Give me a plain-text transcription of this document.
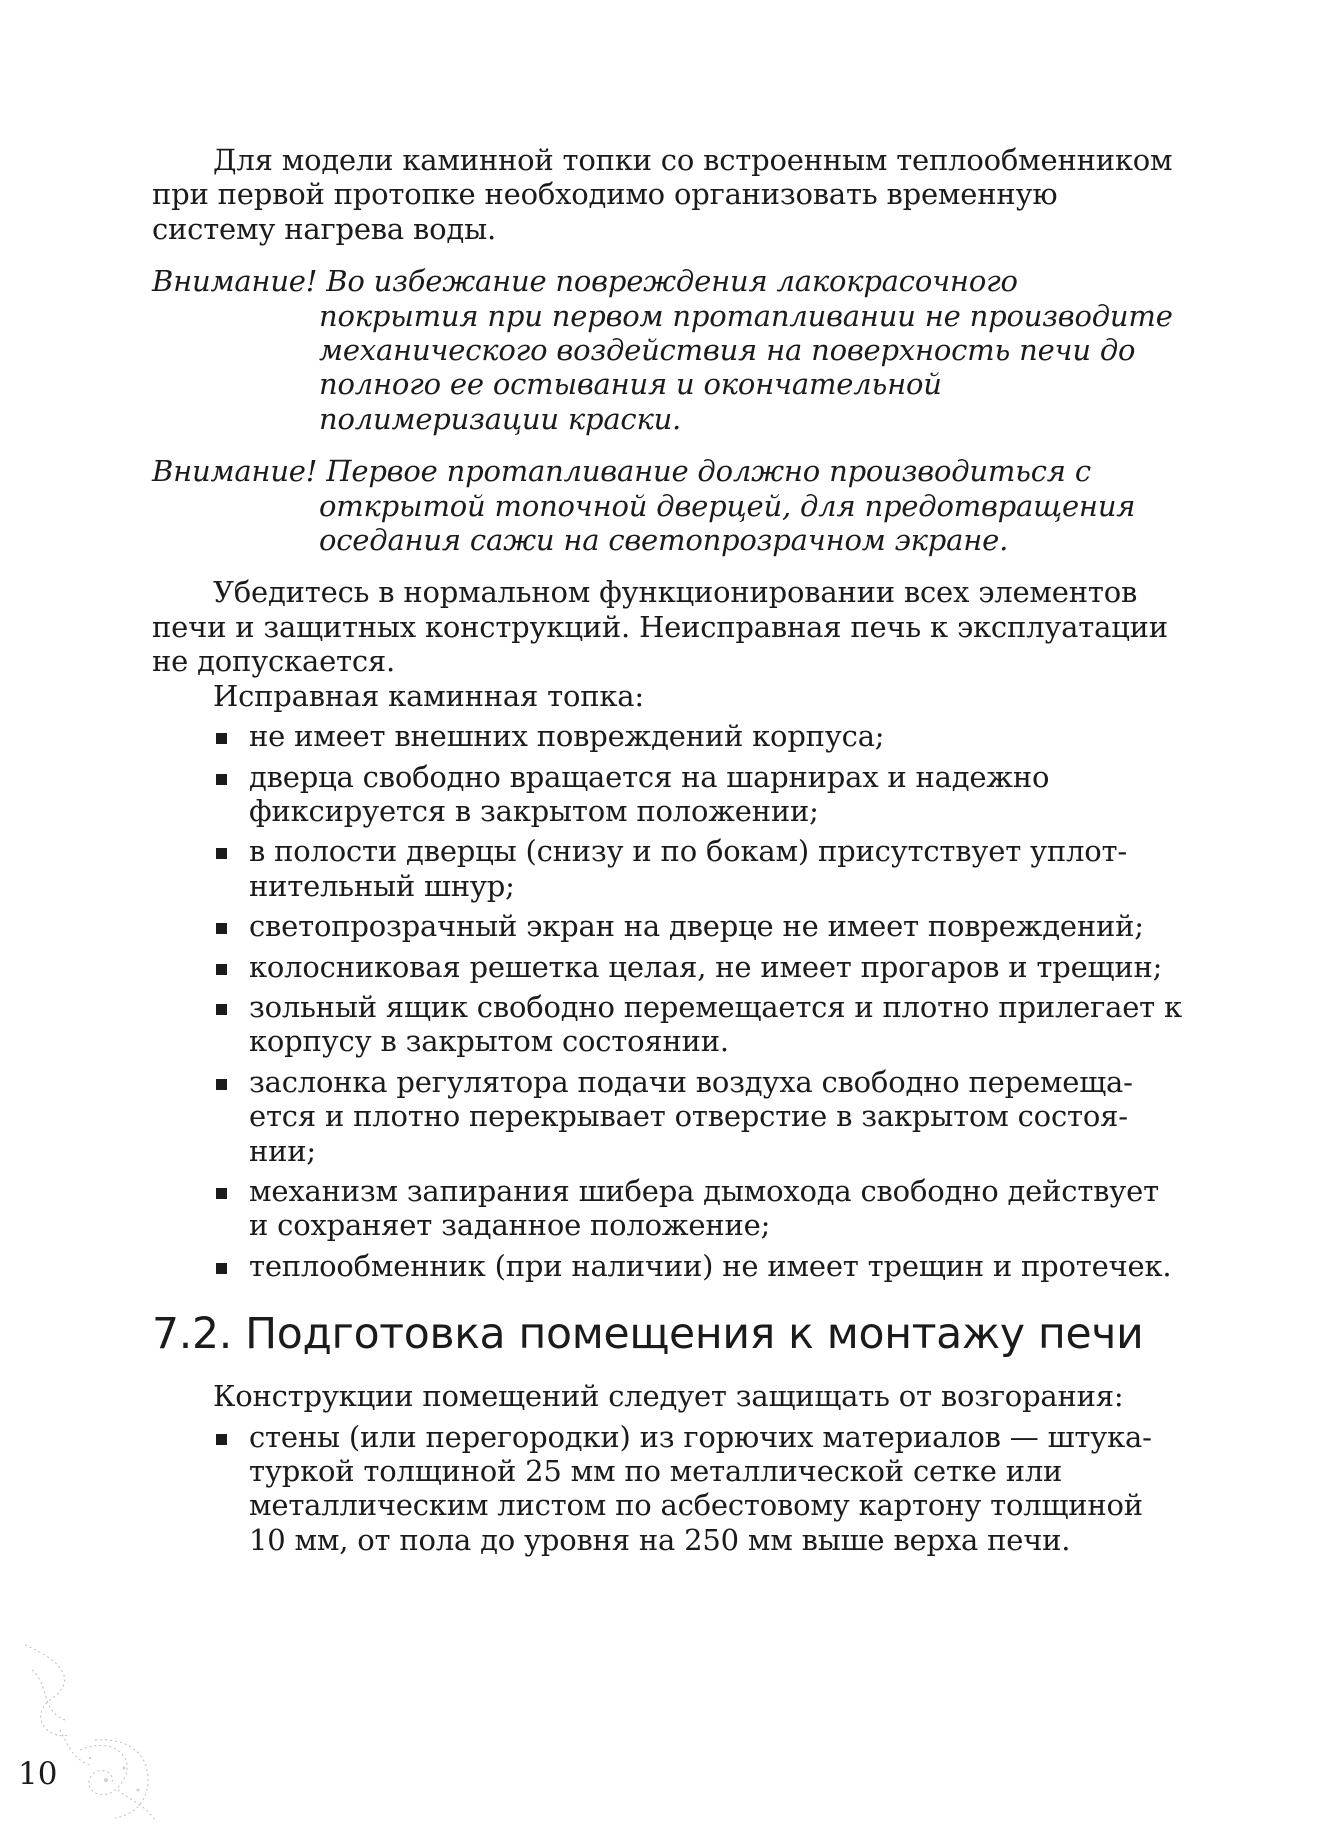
Для модели каминной топки со встроенным теплообменником при первой протопке необходимо организовать временную систему нагрева воды.

Внимание! Во избежание повреждения лакокрасочного покрытия при первом протапливании не производите механического воздействия на поверхность печи до полного ее остывания и окончательной полимеризации краски.

Внимание! Первое протапливание должно производиться с открытой топочной дверцей, для предотвращения оседания сажи на светопрозрачном экране.

Убедитесь в нормальном функционировании всех элементов печи и защитных конструкций. Неисправная печь к эксплуатации не допускается.

Исправная каминная топка:

не имеет внешних повреждений корпуса;
дверца свободно вращается на шарнирах и надежно фиксируется в закрытом положении;
в полости дверцы (снизу и по бокам) присутствует уплотнительный шнур;
светопрозрачный экран на дверце не имеет повреждений;
колосниковая решетка целая, не имеет прогаров и трещин;
зольный ящик свободно перемещается и плотно прилегает к корпусу в закрытом состоянии.
заслонка регулятора подачи воздуха свободно перемещается и плотно перекрывает отверстие в закрытом состоянии;
механизм запирания шибера дымохода свободно действует и сохраняет заданное положение;
теплообменник (при наличии) не имеет трещин и протечек.
7.2. Подготовка помещения к монтажу печи

Конструкции помещений следует защищать от возгорания:

стены (или перегородки) из горючих материалов — штукатуркой толщиной 25 мм по металлической сетке или металлическим листом по асбестовому картону толщиной 10 мм, от пола до уровня на 250 мм выше верха печи.
10
